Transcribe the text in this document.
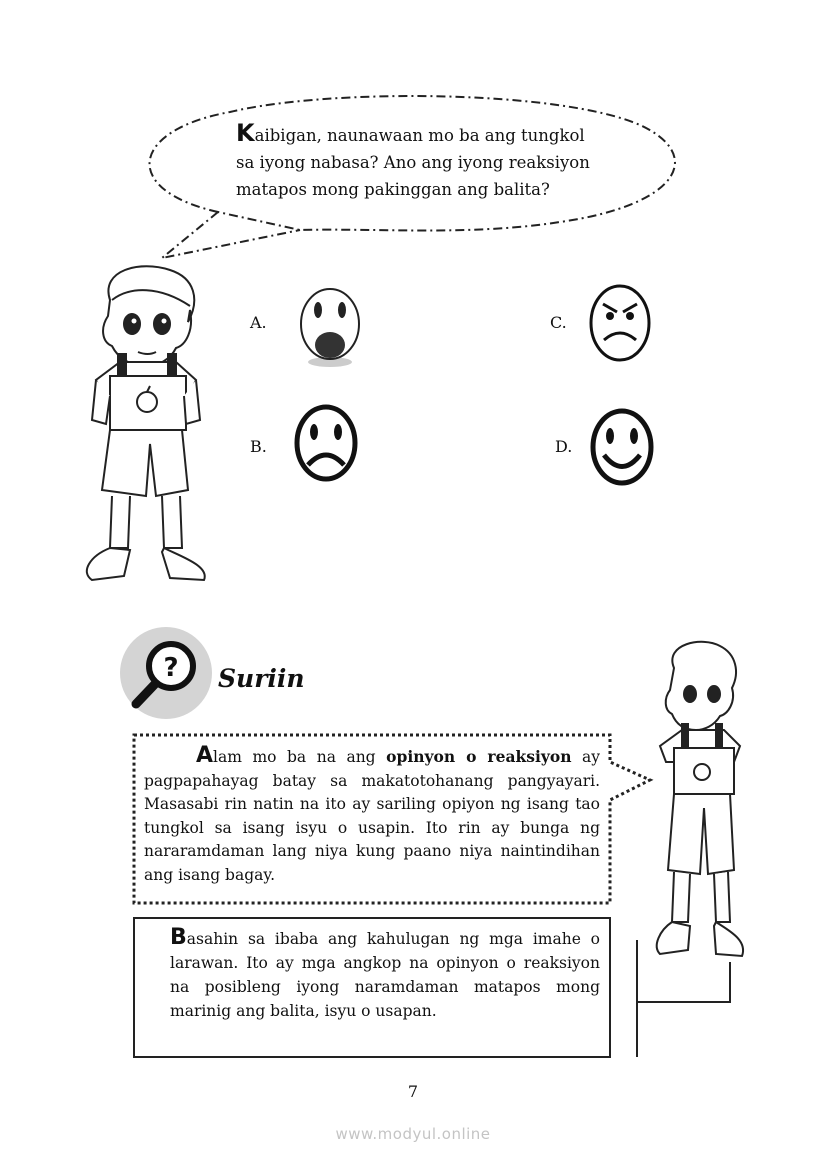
?
Kaibigan, naunawaan mo ba ang tungkol
sa iyong nabasa? Ano ang iyong reaksiyon
matapos mong pakinggan ang balita?
A.
B.
C.
D.
Suriin
Alam mo ba na ang opinyon o reaksiyon ay pagpapahayag batay sa makatotohanang pangyayari. Masasabi rin natin na ito ay sariling opiyon ng isang tao tungkol sa isang isyu o usapin. Ito rin ay bunga ng nararamdaman lang niya kung paano niya naintindihan ang isang bagay.
Basahin sa ibaba ang kahulugan ng mga imahe o larawan. Ito ay mga angkop na opinyon o reaksiyon na posibleng iyong naramdaman matapos mong marinig ang balita, isyu o usapan.
7
www.modyul.online
